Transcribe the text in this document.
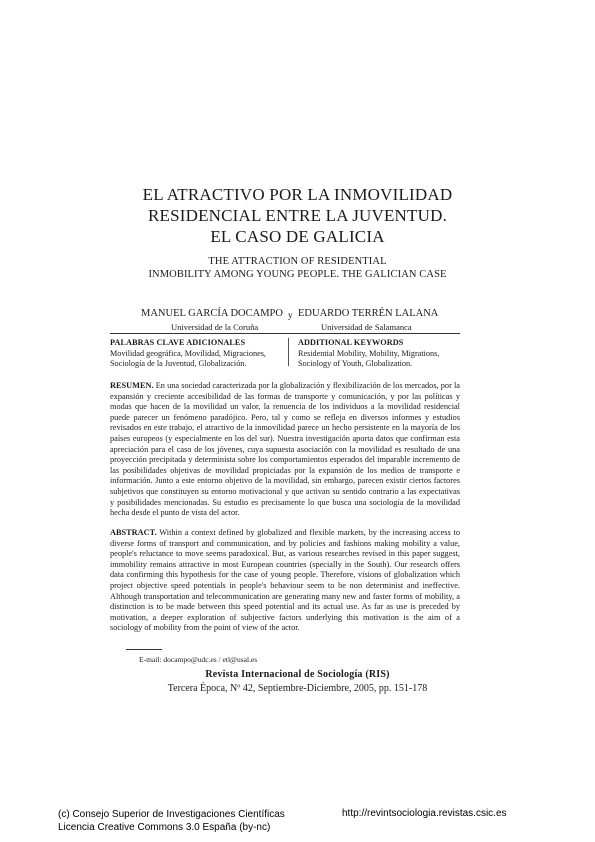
EL ATRACTIVO POR LA INMOVILIDAD
RESIDENCIAL ENTRE LA JUVENTUD.
EL CASO DE GALICIA
THE ATTRACTION OF RESIDENTIAL
INMOBILITY AMONG YOUNG PEOPLE. THE GALICIAN CASE
MANUEL GARCÍA DOCAMPO
Universidad de la Coruña
y EDUARDO TERRÉN LALANA
Universidad de Salamanca
PALABRAS CLAVE ADICIONALES
Movilidad geográfica, Movilidad, Migraciones,
Sociología de la Juventud, Globalización.
ADDITIONAL KEYWORDS
Residential Mobility, Mobility, Migrations,
Sociology of Youth, Globalization.

RESUMEN. En una sociedad caracterizada por la globalización y flexibilización de los mercados, por la expansión y creciente accesibilidad de las formas de transporte y comunicación, y por las políticas y modas que hacen de la movilidad un valor, la renuencia de los individuos a la movilidad residencial puede parecer un fenómeno paradójico. Pero, tal y como se refleja en diversos informes y estudios revisados en este trabajo, el atractivo de la inmovilidad parece un hecho persistente en la mayoría de los países europeos (y especialmente en los del sur). Nuestra investigación aporta datos que confirman esta apreciación para el caso de los jóvenes, cuya supuesta asociación con la movilidad es resultado de una proyección precipitada y determinista sobre los comportamientos esperados del imparable incremento de las posibilidades objetivas de movilidad propiciadas por la expansión de los medios de transporte e información. Junto a este entorno objetivo de la movilidad, sin embargo, parecen existir ciertos factores subjetivos que constituyen su entorno motivacional y que activan su sentido contrario a las expectativas y posibilidades mencionadas. Su estudio es precisamente lo que busca una sociología de la movilidad hecha desde el punto de vista del actor.

ABSTRACT. Within a context defined by globalized and flexible markets, by the increasing access to diverse forms of transport and communication, and by policies and fashions making mobility a value, people's reluctance to move seems paradoxical. But, as various researches revised in this paper suggest, immobility remains attractive in most European countries (specially in the South). Our research offers data confirming this hypothesis for the case of young people. Therefore, visions of globalization which project objective speed potentials in people's behaviour seem to be non determinist and ineffective. Although transportation and telecommunication are generating many new and faster forms of mobility, a distinction is to be made between this speed potential and its actual use. As far as use is preceded by motivation, a deeper exploration of subjective factors underlying this motivation is the aim of a sociology of mobility from the point of view of the actor.

E-mail: docampo@udc.es / etl@usal.es
Revista Internacional de Sociología (RIS)
Tercera Época, Nº 42, Septiembre-Diciembre, 2005, pp. 151-178
(c) Consejo Superior de Investigaciones Científicas
Licencia Creative Commons 3.0 España (by-nc)
http://revintsociologia.revistas.csic.es
